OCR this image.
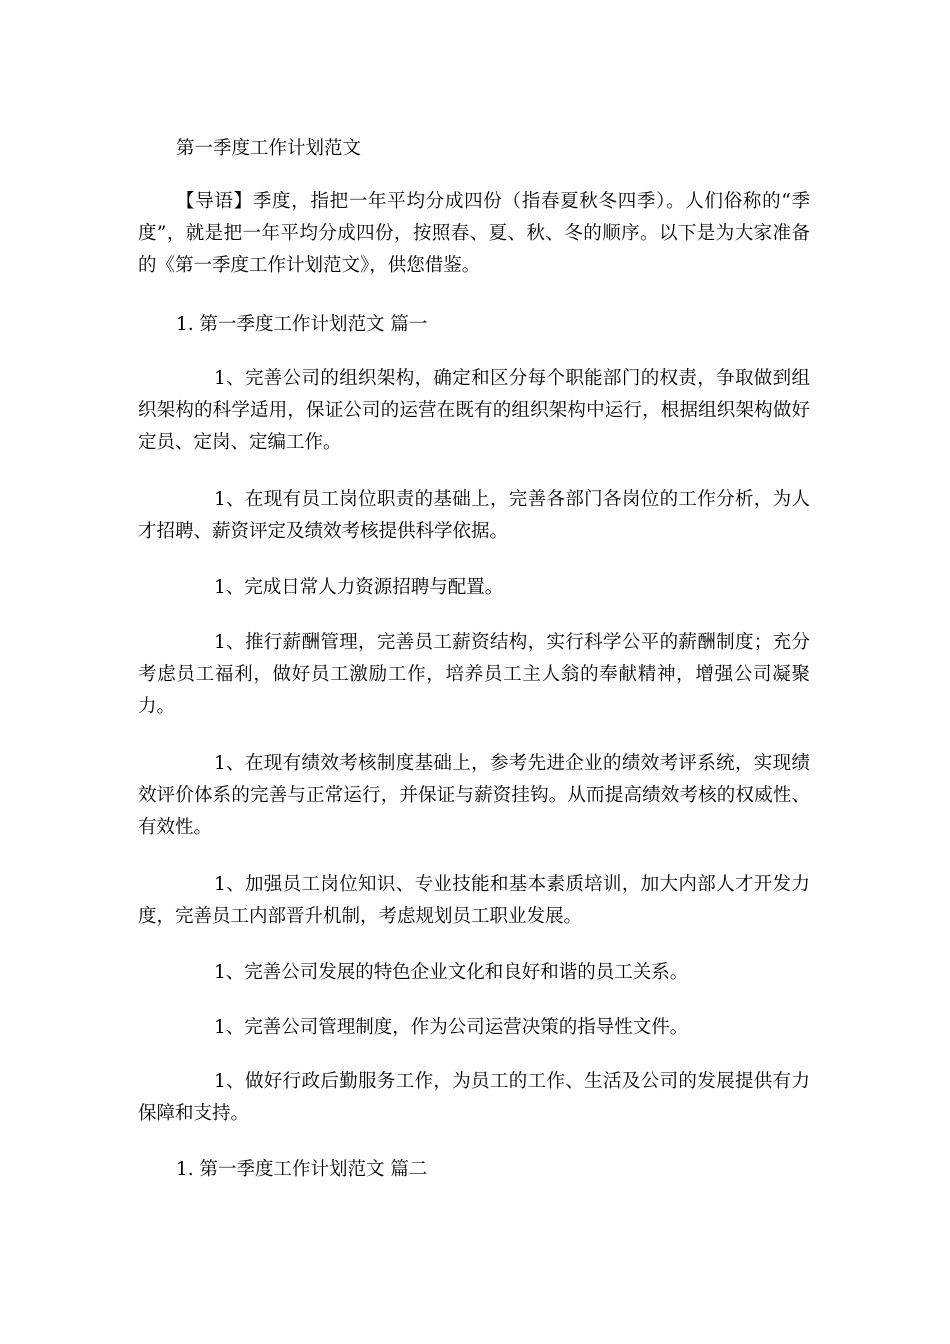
第一季度工作计划范文

【导语】季度，指把一年平均分成四份（指春夏秋冬四季）。人们俗称的“季度”，就是把一年平均分成四份，按照春、夏、秋、冬的顺序。以下是为大家准备的《第一季度工作计划范文》，供您借鉴。

1. 第一季度工作计划范文 篇一

1、完善公司的组织架构，确定和区分每个职能部门的权责，争取做到组织架构的科学适用，保证公司的运营在既有的组织架构中运行，根据组织架构做好定员、定岗、定编工作。

1、在现有员工岗位职责的基础上，完善各部门各岗位的工作分析，为人才招聘、薪资评定及绩效考核提供科学依据。

1、完成日常人力资源招聘与配置。

1、推行薪酬管理，完善员工薪资结构，实行科学公平的薪酬制度；充分考虑员工福利，做好员工激励工作，培养员工主人翁的奉献精神，增强公司凝聚力。

1、在现有绩效考核制度基础上，参考先进企业的绩效考评系统，实现绩效评价体系的完善与正常运行，并保证与薪资挂钩。从而提高绩效考核的权威性、有效性。

1、加强员工岗位知识、专业技能和基本素质培训，加大内部人才开发力度，完善员工内部晋升机制，考虑规划员工职业发展。

1、完善公司发展的特色企业文化和良好和谐的员工关系。

1、完善公司管理制度，作为公司运营决策的指导性文件。

1、做好行政后勤服务工作，为员工的工作、生活及公司的发展提供有力保障和支持。

1. 第一季度工作计划范文 篇二
